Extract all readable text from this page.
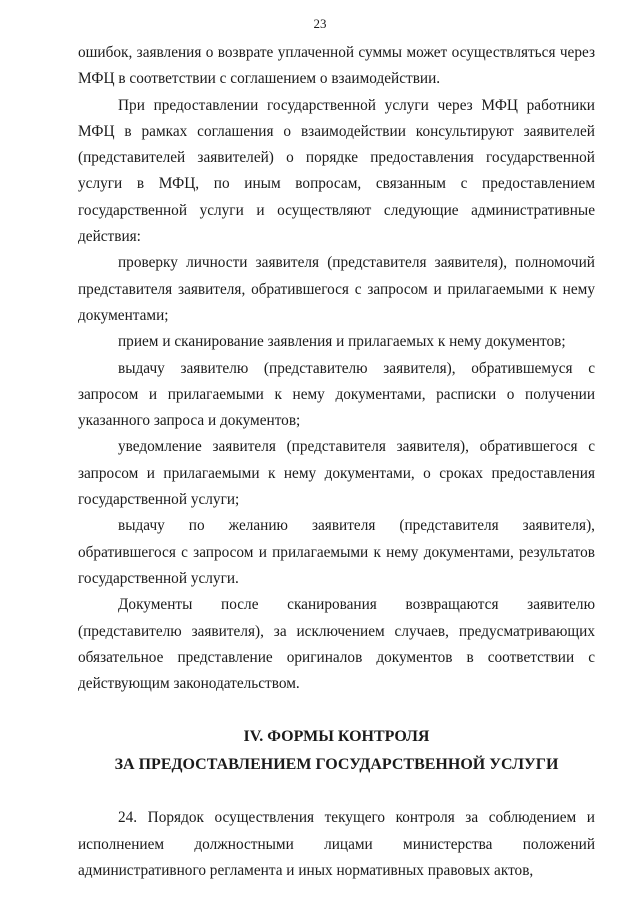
23

ошибок, заявления о возврате уплаченной суммы может осуществляться через МФЦ в соответствии с соглашением о взаимодействии.

При предоставлении государственной услуги через МФЦ работники МФЦ в рамках соглашения о взаимодействии консультируют заявителей (представителей заявителей) о порядке предоставления государственной услуги в МФЦ, по иным вопросам, связанным с предоставлением государственной услуги и осуществляют следующие административные действия:

проверку личности заявителя (представителя заявителя), полномочий представителя заявителя, обратившегося с запросом и прилагаемыми к нему документами;

прием и сканирование заявления и прилагаемых к нему документов;

выдачу заявителю (представителю заявителя), обратившемуся с запросом и прилагаемыми к нему документами, расписки о получении указанного запроса и документов;

уведомление заявителя (представителя заявителя), обратившегося с запросом и прилагаемыми к нему документами, о сроках предоставления государственной услуги;

выдачу по желанию заявителя (представителя заявителя), обратившегося с запросом и прилагаемыми к нему документами, результатов государственной услуги.

Документы после сканирования возвращаются заявителю (представителю заявителя), за исключением случаев, предусматривающих обязательное представление оригиналов документов в соответствии с действующим законодательством.

IV. ФОРМЫ КОНТРОЛЯ

ЗА ПРЕДОСТАВЛЕНИЕМ ГОСУДАРСТВЕННОЙ УСЛУГИ

24. Порядок осуществления текущего контроля за соблюдением и исполнением должностными лицами министерства положений административного регламента и иных нормативных правовых актов,
